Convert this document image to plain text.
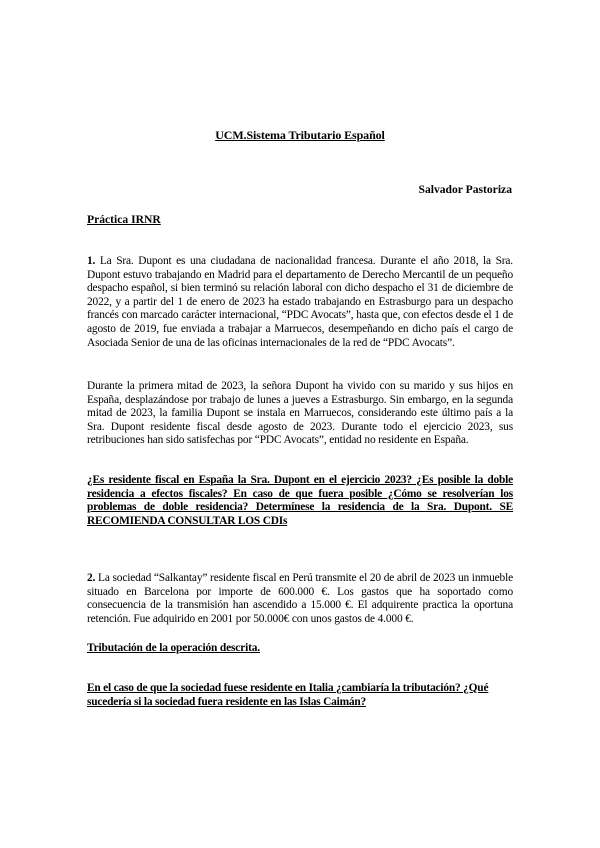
UCM.Sistema Tributario Español
Salvador Pastoriza
Práctica IRNR
1. La Sra. Dupont es una ciudadana de nacionalidad francesa. Durante el año 2018, la Sra. Dupont estuvo trabajando en Madrid para el departamento de Derecho Mercantil de un pequeño despacho español, si bien terminó su relación laboral con dicho despacho el 31 de diciembre de 2022, y a partir del 1 de enero de 2023 ha estado trabajando en Estrasburgo para un despacho francés con marcado carácter internacional, “PDC Avocats”, hasta que, con efectos desde el 1 de agosto de 2019, fue enviada a trabajar a Marruecos, desempeñando en dicho país el cargo de Asociada Senior de una de las oficinas internacionales de la red de “PDC Avocats”.
Durante la primera mitad de 2023, la señora Dupont ha vivido con su marido y sus hijos en España, desplazándose por trabajo de lunes a jueves a Estrasburgo. Sin embargo, en la segunda mitad de 2023, la familia Dupont se instala en Marruecos, considerando este último país a la Sra. Dupont residente fiscal desde agosto de 2023. Durante todo el ejercicio 2023, sus retribuciones han sido satisfechas por “PDC Avocats”, entidad no residente en España.
¿Es residente fiscal en España la Sra. Dupont en el ejercicio 2023? ¿Es posible la doble residencia a efectos fiscales? En caso de que fuera posible ¿Cómo se resolverían los problemas de doble residencia? Determínese la residencia de la Sra. Dupont. SE RECOMIENDA CONSULTAR LOS CDIs
2. La sociedad “Salkantay” residente fiscal en Perú transmite el 20 de abril de 2023 un inmueble situado en Barcelona por importe de 600.000 €. Los gastos que ha soportado como consecuencia de la transmisión han ascendido a 15.000 €. El adquirente practica la oportuna retención. Fue adquirido en 2001 por 50.000€ con unos gastos de 4.000 €.
Tributación de la operación descrita.
En el caso de que la sociedad fuese residente en Italia ¿cambiaría la tributación? ¿Qué sucedería si la sociedad fuera residente en las Islas Caimán?
